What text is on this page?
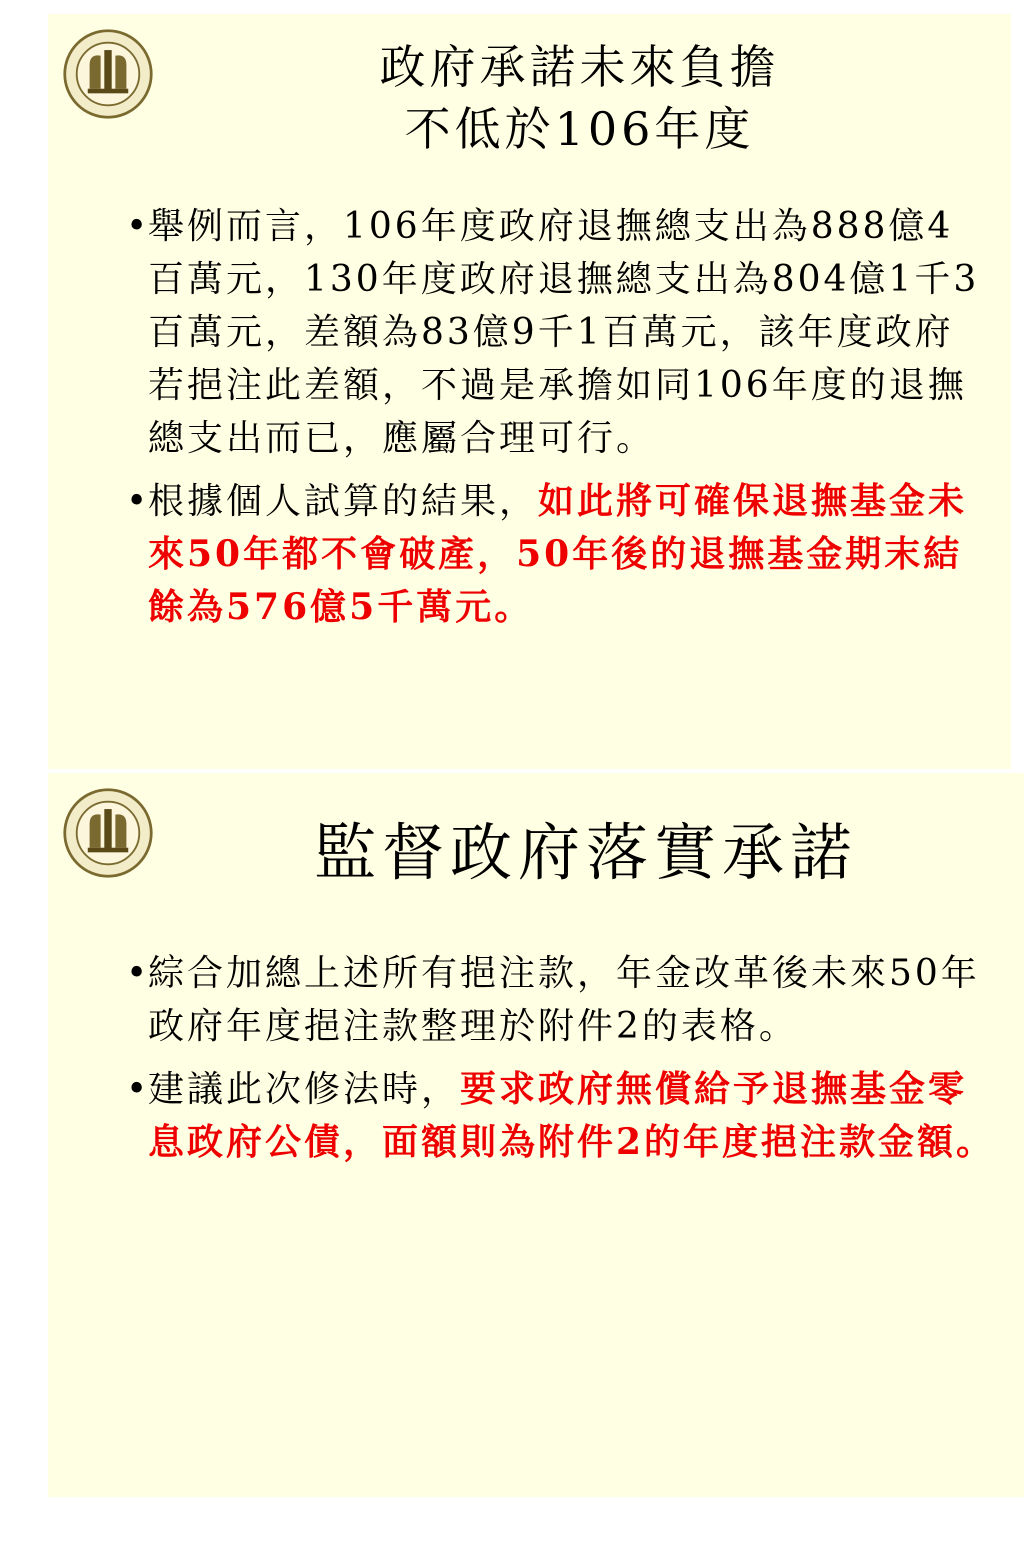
政府承諾未來負擔
不低於106年度
•
舉例而言，106年度政府退撫總支出為888億4百萬元，130年度政府退撫總支出為804億1千3百萬元，差額為83億9千1百萬元，該年度政府若挹注此差額，不過是承擔如同106年度的退撫總支出而已，應屬合理可行。
•
根據個人試算的結果，如此將可確保退撫基金未來50年都不會破產，50年後的退撫基金期末結餘為576億5千萬元。
監督政府落實承諾
•
綜合加總上述所有挹注款，年金改革後未來50年政府年度挹注款整理於附件2的表格。
•
建議此次修法時，要求政府無償給予退撫基金零息政府公債，面額則為附件2的年度挹注款金額。
